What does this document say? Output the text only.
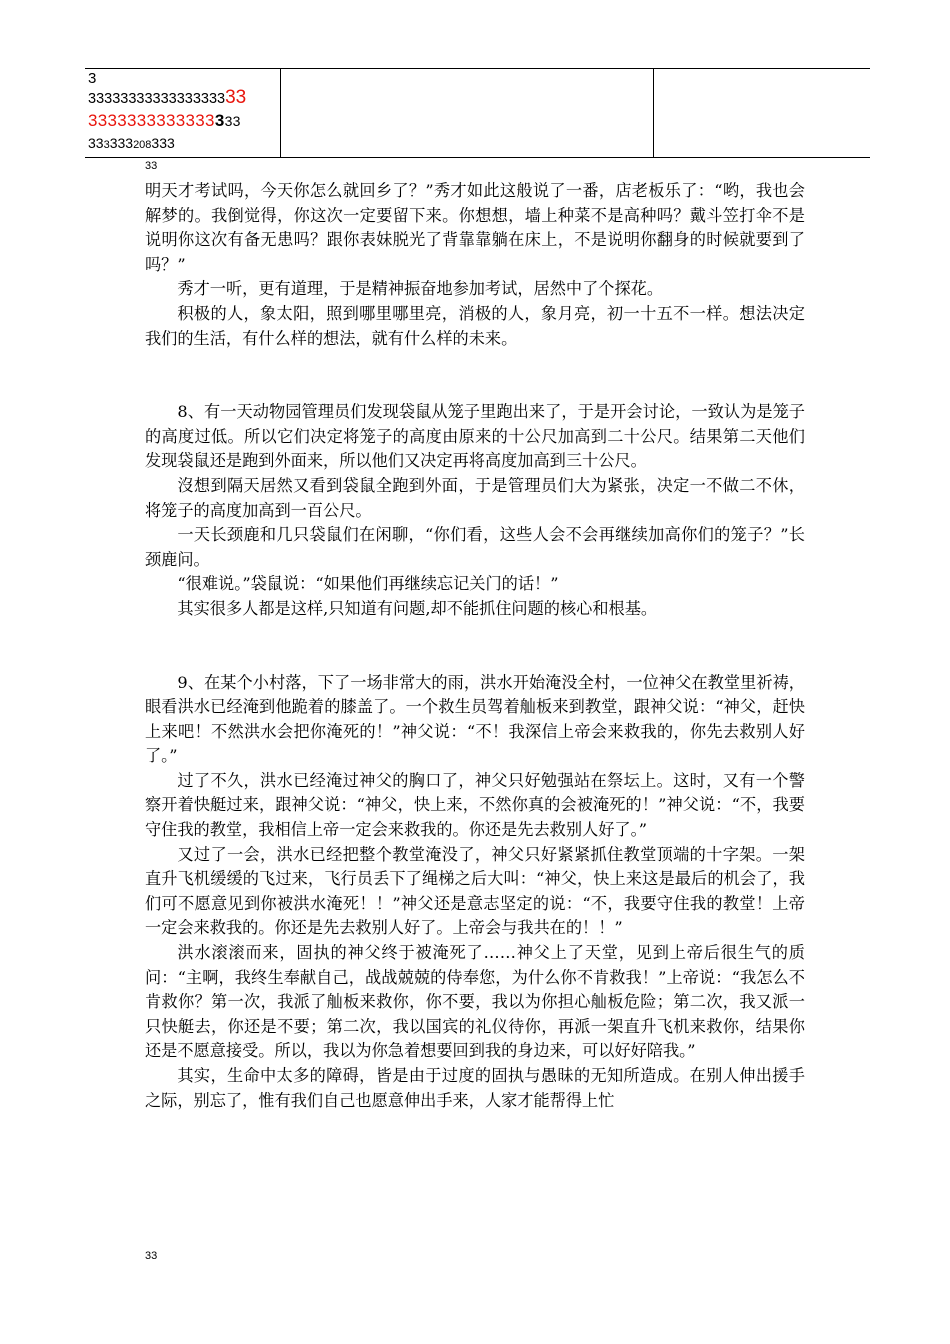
3
3333333333333333333
3333333333333333
333333208333
33

明天才考试吗，今天你怎么就回乡了？”秀才如此这般说了一番，店老板乐了：“哟，我也会解梦的。我倒觉得，你这次一定要留下来。你想想，墙上种菜不是高种吗？戴斗笠打伞不是说明你这次有备无患吗？跟你表妹脱光了背靠靠躺在床上，不是说明你翻身的时候就要到了吗？”

秀才一听，更有道理，于是精神振奋地参加考试，居然中了个探花。

积极的人，象太阳，照到哪里哪里亮，消极的人，象月亮，初一十五不一样。想法决定我们的生活，有什么样的想法，就有什么样的未来。

8、有一天动物园管理员们发现袋鼠从笼子里跑出来了，于是开会讨论，一致认为是笼子的高度过低。所以它们决定将笼子的高度由原来的十公尺加高到二十公尺。结果第二天他们发现袋鼠还是跑到外面来，所以他们又决定再将高度加高到三十公尺。

沒想到隔天居然又看到袋鼠全跑到外面，于是管理员们大为紧张，决定一不做二不休，将笼子的高度加高到一百公尺。

一天长颈鹿和几只袋鼠们在闲聊，“你们看，这些人会不会再继续加高你们的笼子？”长颈鹿问。

“很难说。”袋鼠说：“如果他们再继续忘记关门的话！”

其实很多人都是这样,只知道有问题,却不能抓住问题的核心和根基。

9、在某个小村落，下了一场非常大的雨，洪水开始淹没全村，一位神父在教堂里祈祷，眼看洪水已经淹到他跪着的膝盖了。一个救生员驾着舢板来到教堂，跟神父说：“神父，赶快上来吧！不然洪水会把你淹死的！”神父说：“不！我深信上帝会来救我的，你先去救别人好了。”

过了不久，洪水已经淹过神父的胸口了，神父只好勉强站在祭坛上。这时，又有一个警察开着快艇过来，跟神父说：“神父，快上来，不然你真的会被淹死的！”神父说：“不，我要守住我的教堂，我相信上帝一定会来救我的。你还是先去救别人好了。”

又过了一会，洪水已经把整个教堂淹没了，神父只好紧紧抓住教堂顶端的十字架。一架直升飞机缓缓的飞过来，飞行员丢下了绳梯之后大叫：“神父，快上来这是最后的机会了，我们可不愿意见到你被洪水淹死！！”神父还是意志坚定的说：“不，我要守住我的教堂！上帝一定会来救我的。你还是先去救别人好了。上帝会与我共在的！！”

洪水滚滚而来，固执的神父终于被淹死了……神父上了天堂，见到上帝后很生气的质问：“主啊，我终生奉献自己，战战兢兢的侍奉您，为什么你不肯救我！”上帝说：“我怎么不肯救你？第一次，我派了舢板来救你，你不要，我以为你担心舢板危险；第二次，我又派一只快艇去，你还是不要；第二次，我以国宾的礼仪待你，再派一架直升飞机来救你，结果你还是不愿意接受。所以，我以为你急着想要回到我的身边来，可以好好陪我。”

其实，生命中太多的障碍，皆是由于过度的固执与愚昧的无知所造成。在别人伸出援手之际，别忘了，惟有我们自己也愿意伸出手来，人家才能帮得上忙

33
